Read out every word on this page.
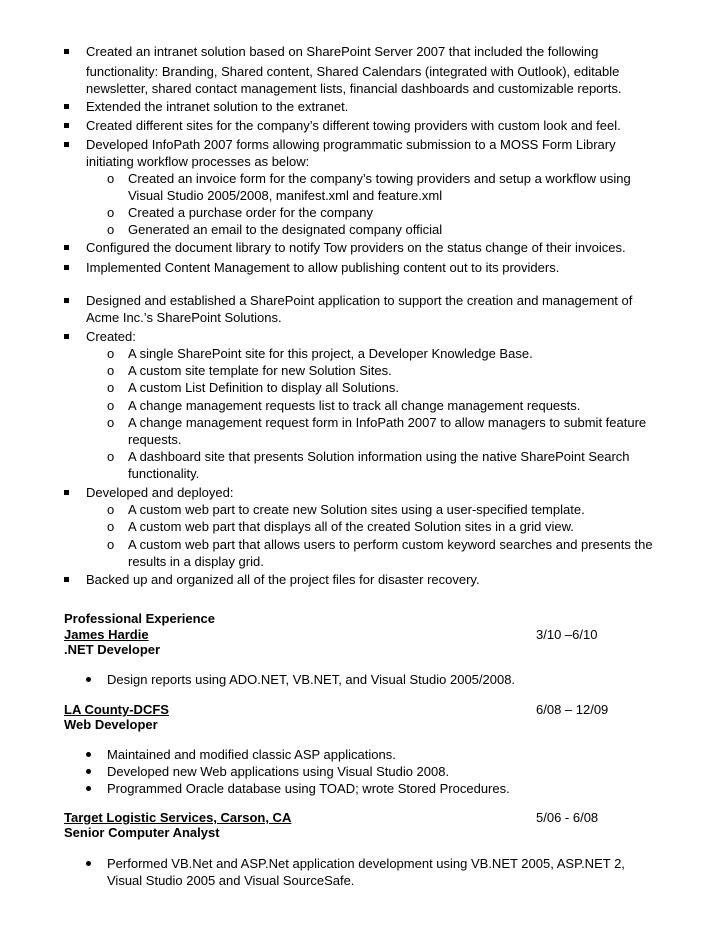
Created an intranet solution based on SharePoint Server 2007 that included the following
functionality: Branding, Shared content, Shared Calendars (integrated with Outlook), editable
newsletter, shared contact management lists, financial dashboards and customizable reports.
Extended the intranet solution to the extranet.
Created different sites for the company’s different towing providers with custom look and feel.
Developed InfoPath 2007 forms allowing programmatic submission to a MOSS Form Library
initiating workflow processes as below:
o Created an invoice form for the company’s towing providers and setup a workflow using
Visual Studio 2005/2008, manifest.xml and feature.xml
o Created a purchase order for the company
o Generated an email to the designated company official
Configured the document library to notify Tow providers on the status change of their invoices.
Implemented Content Management to allow publishing content out to its providers.
Designed and established a SharePoint application to support the creation and management of
Acme Inc.’s SharePoint Solutions.
Created:
o A single SharePoint site for this project, a Developer Knowledge Base.
o A custom site template for new Solution Sites.
o A custom List Definition to display all Solutions.
o A change management requests list to track all change management requests.
o A change management request form in InfoPath 2007 to allow managers to submit feature
requests.
o A dashboard site that presents Solution information using the native SharePoint Search
functionality.
Developed and deployed:
o A custom web part to create new Solution sites using a user-specified template.
o A custom web part that displays all of the created Solution sites in a grid view.
o A custom web part that allows users to perform custom keyword searches and presents the
results in a display grid.
Backed up and organized all of the project files for disaster recovery.
Professional Experience
James Hardie	3/10 –6/10
.NET Developer
Design reports using ADO.NET, VB.NET, and Visual Studio 2005/2008.
LA County-DCFS	6/08 – 12/09
Web Developer
Maintained and modified classic ASP applications.
Developed new Web applications using Visual Studio 2008.
Programmed Oracle database using TOAD; wrote Stored Procedures.
Target Logistic Services, Carson, CA	5/06 - 6/08
Senior Computer Analyst
Performed VB.Net and ASP.Net application development using VB.NET 2005, ASP.NET 2,
Visual Studio 2005 and Visual SourceSafe.
